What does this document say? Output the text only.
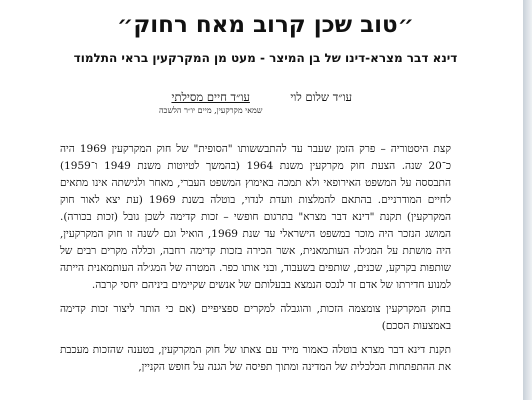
״טוב שכן קרוב מאח רחוק״
דינא דבר מצרא-דינו של בן המיצר - מעט מן המקרקעין בראי התלמוד
עו״ד שלום לוי
עו״ד חיים מסילתי
שמאי מקרקעין, מיים יו״ר הלשכה

קצת היסטוריה – פרק הזמן שעבר עד להתבששותו "הסופית" של חוק המקרקעין 1969 היה כ־20 שנה. הצעת חוק מקרקעין משנת 1964 (בהמשך לטיוטות משנת 1949 ו־1959) התבססה על המשפט האירופאי ולא תמכה באימוץ המשפט העברי, מאחר ולגישתה אינו מתאים לחיים המודרניים. בהתאם להמלצות וועדת לנדוי, בוטלה בשנת 1969 (עת יצא לאור חוק המקרקעין) תקנת "דינא דבר מצרא" בתרגום חופשי – זכות קדימה לשכן גובל (זכות בכורה). המושג הנזכר היה מוכר במשפט הישראלי עד שנת 1969, הואיל וגם לשנה זו חוק המקרקעין, היה מושתת על המג׳לה העותמאנית, אשר הכירה בזכות קדימה רחבה, וכללה מקרים רבים של שותפות בקרקע, שכנים, שותפים בשעבוד, ובני אותו כפר. המטרה של המג׳לה העותמאנית הייתה למנוע חדירתו של אדם זר לנכס הנמצא בבעלותם של אנשים שקיימים ביניהם יחסי קרבה.

בחוק המקרקעין צומצמה הזכות, והוגבלה למקרים ספציפיים (אם כי הותר ליצור זכות קדימה באמצעות הסכם)

תקנת דינא דבר מצרא בוטלה כאמור מייד עם צאתו של חוק המקרקעין, בטענה שהזכות מעכבת את ההתפתחות הכלכלית של המדינה ומתוך תפיסה של הגנה על חופש הקניין,
